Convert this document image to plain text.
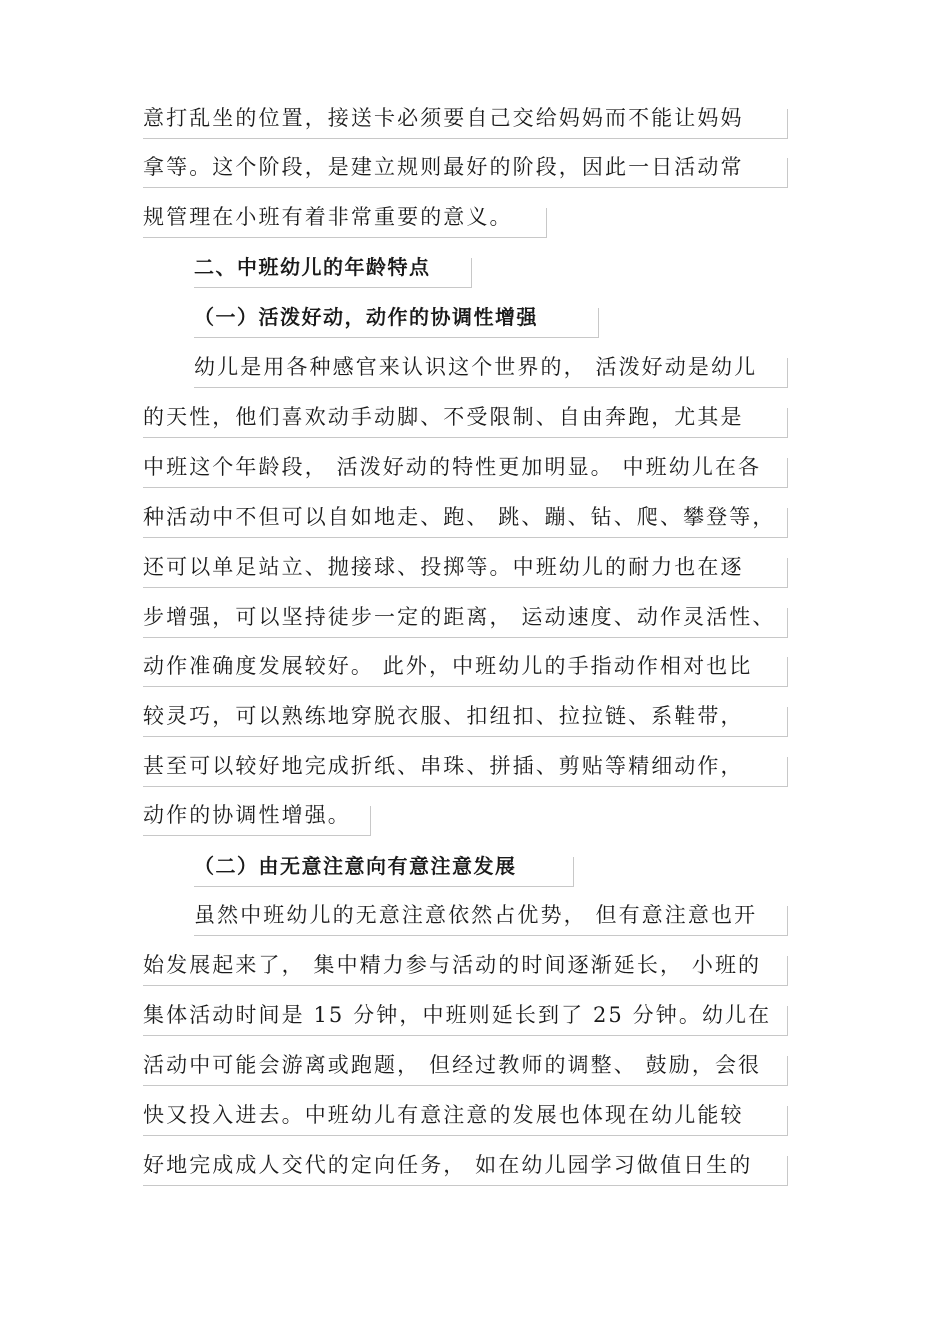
意打乱坐的位置，接送卡必须要自己交给妈妈而不能让妈妈
拿等。这个阶段，是建立规则最好的阶段，因此一日活动常
规管理在小班有着非常重要的意义。
二、中班幼儿的年龄特点
（一）活泼好动，动作的协调性增强
幼儿是用各种感官来认识这个世界的， 活泼好动是幼儿
的天性，他们喜欢动手动脚、不受限制、自由奔跑，尤其是
中班这个年龄段， 活泼好动的特性更加明显。 中班幼儿在各
种活动中不但可以自如地走、跑、 跳、蹦、钻、爬、攀登等，
还可以单足站立、抛接球、投掷等。中班幼儿的耐力也在逐
步增强，可以坚持徒步一定的距离， 运动速度、动作灵活性、
动作准确度发展较好。 此外，中班幼儿的手指动作相对也比
较灵巧，可以熟练地穿脱衣服、扣纽扣、拉拉链、系鞋带，
甚至可以较好地完成折纸、串珠、拼插、剪贴等精细动作，
动作的协调性增强。
（二）由无意注意向有意注意发展
虽然中班幼儿的无意注意依然占优势， 但有意注意也开
始发展起来了， 集中精力参与活动的时间逐渐延长， 小班的
集体活动时间是 15 分钟，中班则延长到了 25 分钟。幼儿在
活动中可能会游离或跑题， 但经过教师的调整、 鼓励，会很
快又投入进去。中班幼儿有意注意的发展也体现在幼儿能较
好地完成成人交代的定向任务， 如在幼儿园学习做值日生的
